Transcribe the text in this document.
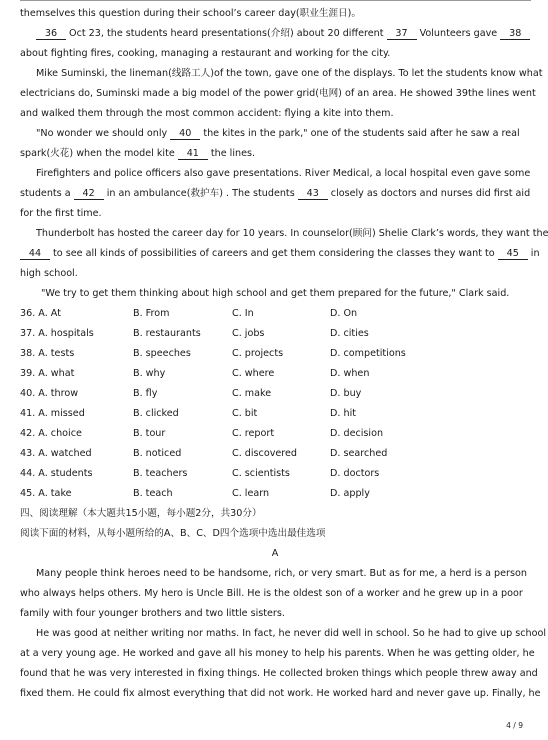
themselves this question during their school’s career day(职业生涯日)。
36 Oct 23, the students heard presentations(介绍) about 20 different 37 Volunteers gave 38
about fighting fires, cooking, managing a restaurant and working for the city.
Mike Suminski, the lineman(线路工人)of the town, gave one of the displays. To let the students know what
electricians do, Suminski made a big model of the power grid(电网) of an area. He showed 39the lines went
and walked them through the most common accident: flying a kite into them.
"No wonder we should only 40 the kites in the park," one of the students said after he saw a real
spark(火花) when the model kite 41 the lines.
Firefighters and police officers also gave presentations. River Medical, a local hospital even gave some
students a 42 in an ambulance(救护车) . The students 43 closely as doctors and nurses did first aid
for the first time.
Thunderbolt has hosted the career day for 10 years. In counselor(顾问) Shelie Clark’s words, they want the
44 to see all kinds of possibilities of careers and get them considering the classes they want to 45 in
high school.
"We try to get them thinking about high school and get them prepared for the future," Clark said.
36. A. At	B. From	C. In	D. On
37. A. hospitals	B. restaurants	C. jobs	D. cities
38. A. tests	B. speeches	C. projects	D. competitions
39. A. what	B. why	C. where	D. when
40. A. throw	B. fly	C. make	D. buy
41. A. missed	B. clicked	C. bit	D. hit
42. A. choice	B. tour	C. report	D. decision
43. A. watched	B. noticed	C. discovered	D. searched
44. A. students	B. teachers	C. scientists	D. doctors
45. A. take	B. teach	C. learn	D. apply
四、阅读理解（本大题共15小题，每小题2分，共30分）
阅读下面的材料，从每小题所给的A、B、C、D四个选项中选出最佳选项
A
Many people think heroes need to be handsome, rich, or very smart. But as for me, a herd is a person
who always helps others. My hero is Uncle Bill. He is the oldest son of a worker and he grew up in a poor
family with four younger brothers and two little sisters.
He was good at neither writing nor maths. In fact, he never did well in school. So he had to give up school
at a very young age. He worked and gave all his money to help his parents. When he was getting older, he
found that he was very interested in fixing things. He collected broken things which people threw away and
fixed them. He could fix almost everything that did not work. He worked hard and never gave up. Finally, he
4 / 9
